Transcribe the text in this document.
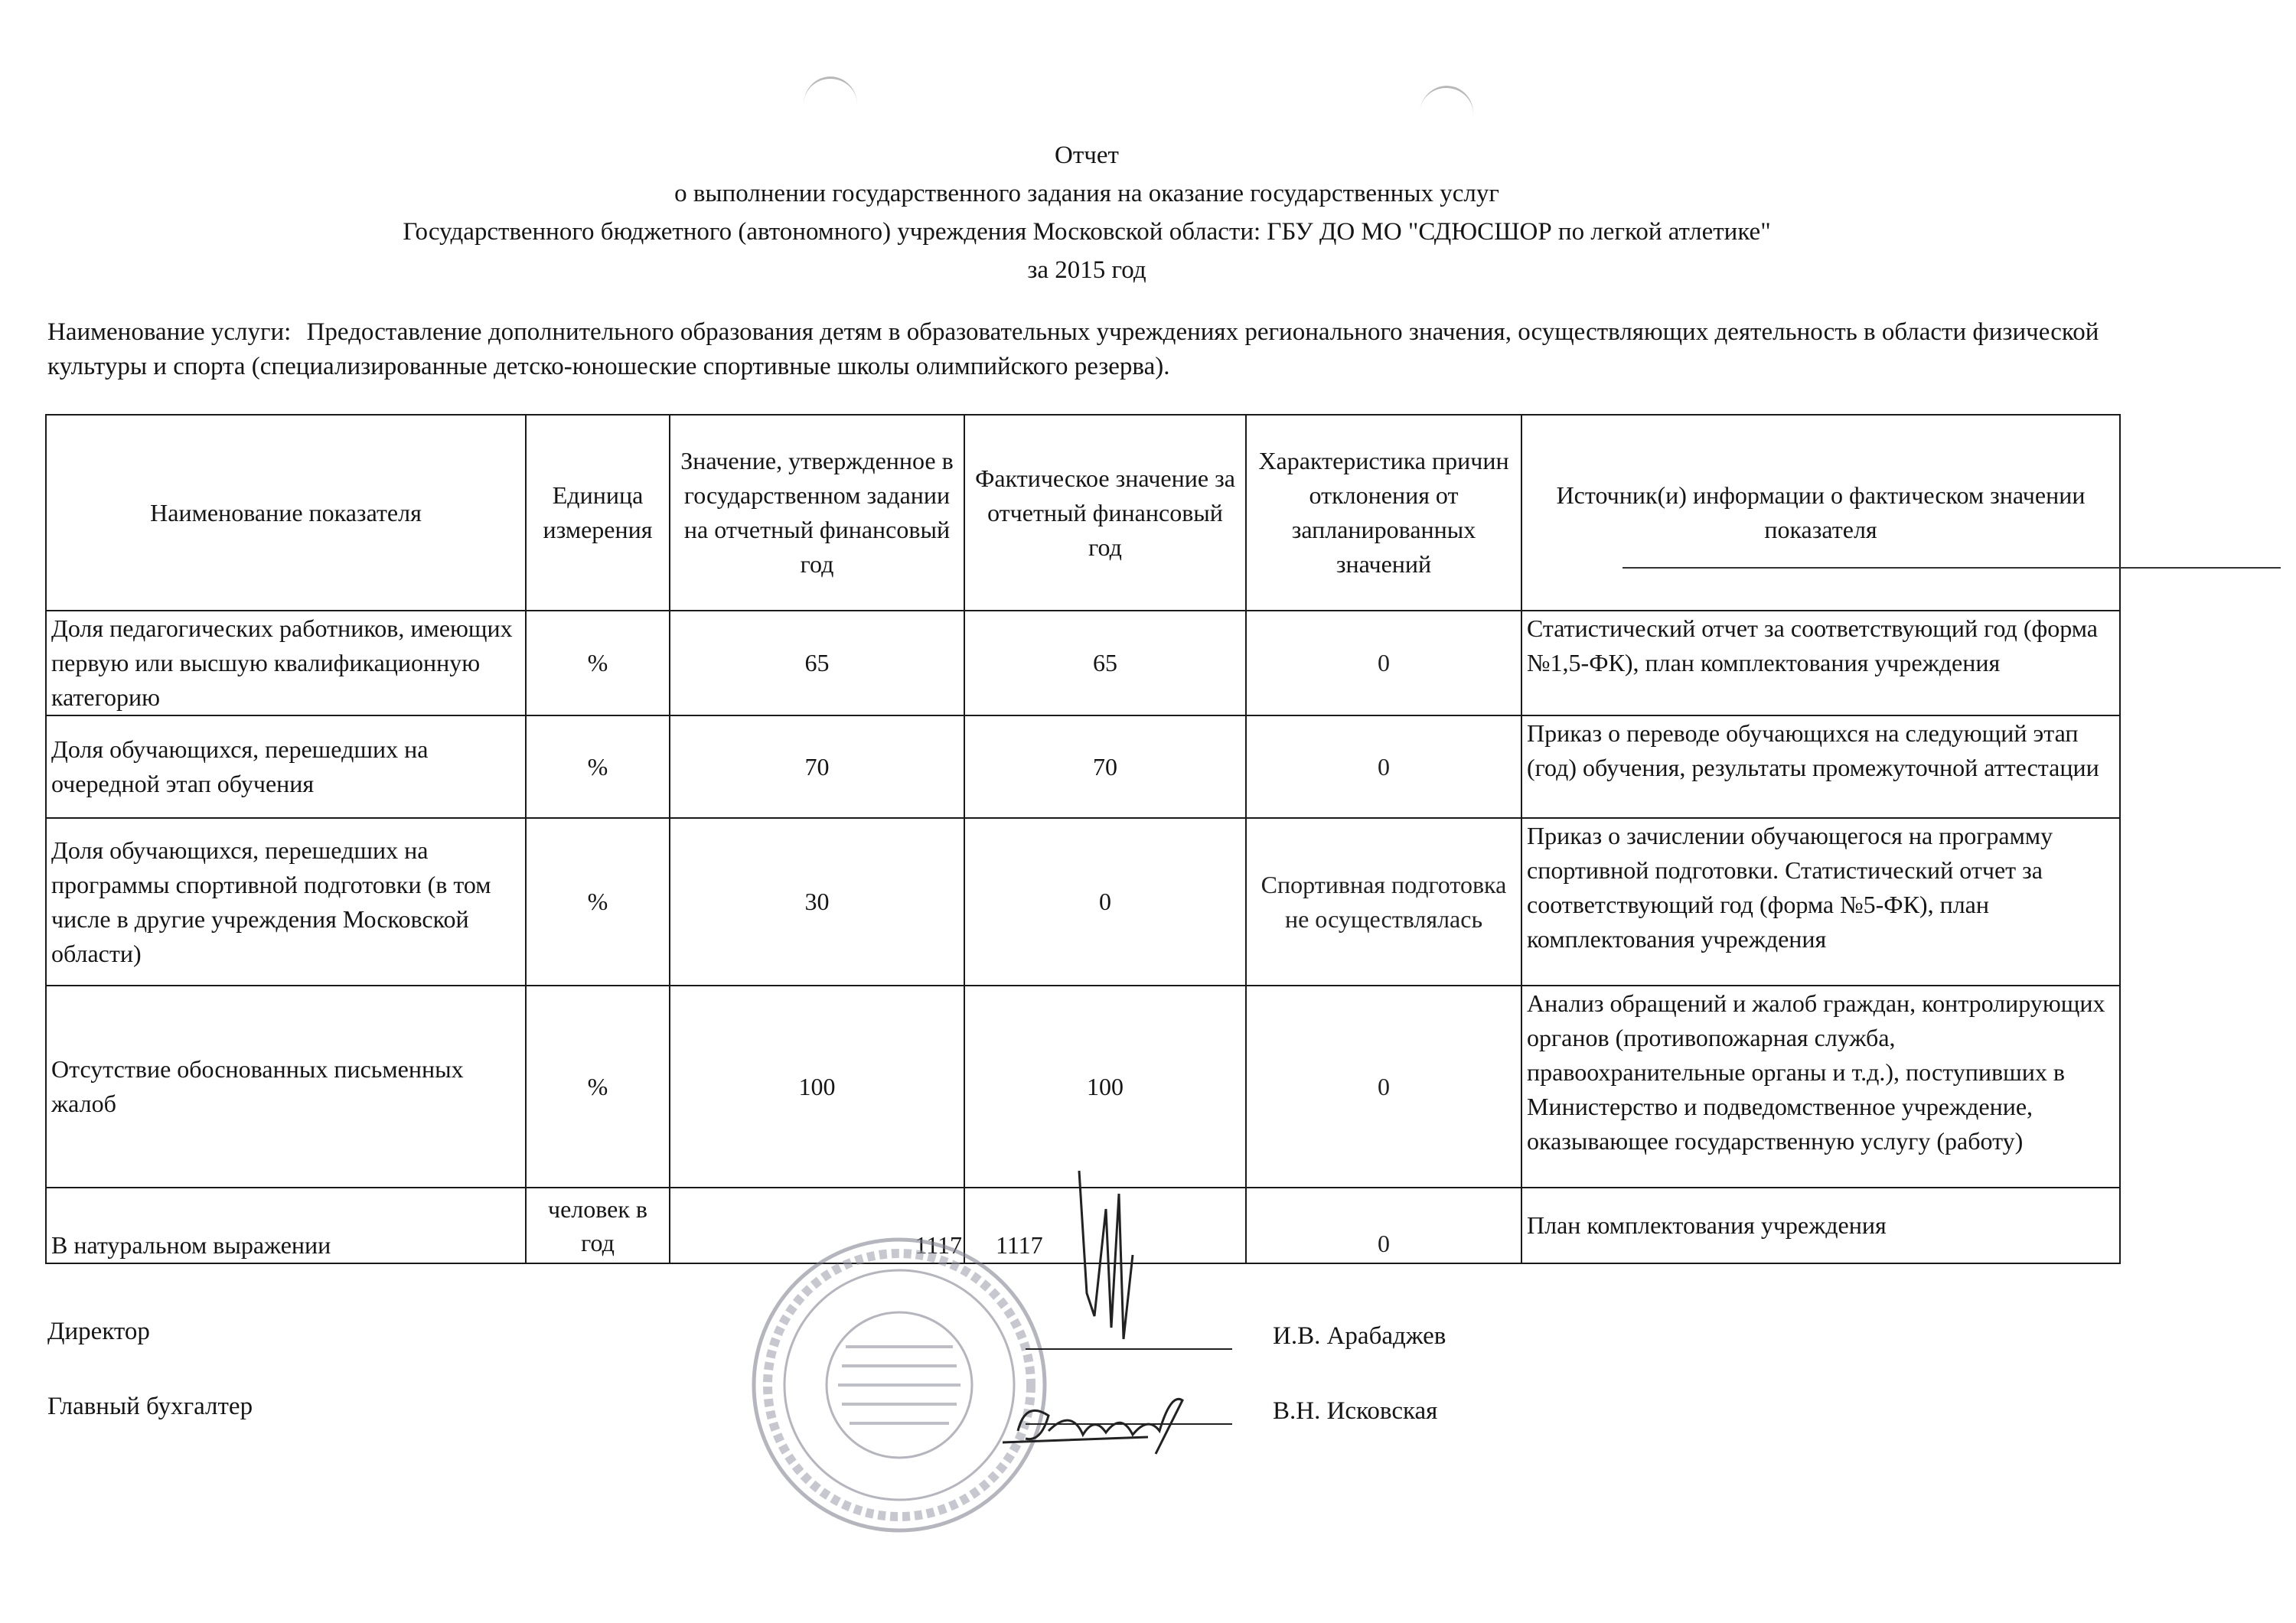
Отчет
о выполнении государственного задания на оказание государственных услуг
Государственного бюджетного (автономного) учреждения Московской области: ГБУ ДО МО "СДЮСШОР по легкой атлетике"
за 2015 год
Наименование услуги: Предоставление дополнительного образования детям в образовательных учреждениях регионального значения, осуществляющих деятельность в области физической культуры и спорта (специализированные детско-юношеские спортивные школы олимпийского резерва).
Наименование показателя	Единица измерения	Значение, утвержденное в государственном задании на отчетный финансовый год	Фактическое значение за отчетный финансовый год	Характеристика причин отклонения от запланированных значений	Источник(и) информации о фактическом значении показателя
Доля педагогических работников, имеющих первую или высшую квалификационную категорию	%	65	65	0	Статистический отчет за соответствующий год (форма №1,5-ФК), план комплектования учреждения
Доля обучающихся, перешедших на очередной этап обучения	%	70	70	0	Приказ о переводе обучающихся на следующий этап (год) обучения, результаты промежуточной аттестации
Доля обучающихся, перешедших на программы спортивной подготовки (в том числе в другие учреждения Московской области)	%	30	0	Спортивная подготовка не осуществлялась	Приказ о зачислении обучающегося на программу спортивной подготовки. Статистический отчет за соответствующий год (форма №5-ФК), план комплектования учреждения
Отсутствие обоснованных письменных жалоб	%	100	100	0	Анализ обращений и жалоб граждан, контролирующих органов (противопожарная служба, правоохранительные органы и т.д.), поступивших в Министерство и подведомственное учреждение, оказывающее государственную услугу (работу)
В натуральном выражении	человек в год	1117	1117	0	План комплектования учреждения
Директор	И.В. Арабаджев
Главный бухгалтер	В.Н. Исковская
